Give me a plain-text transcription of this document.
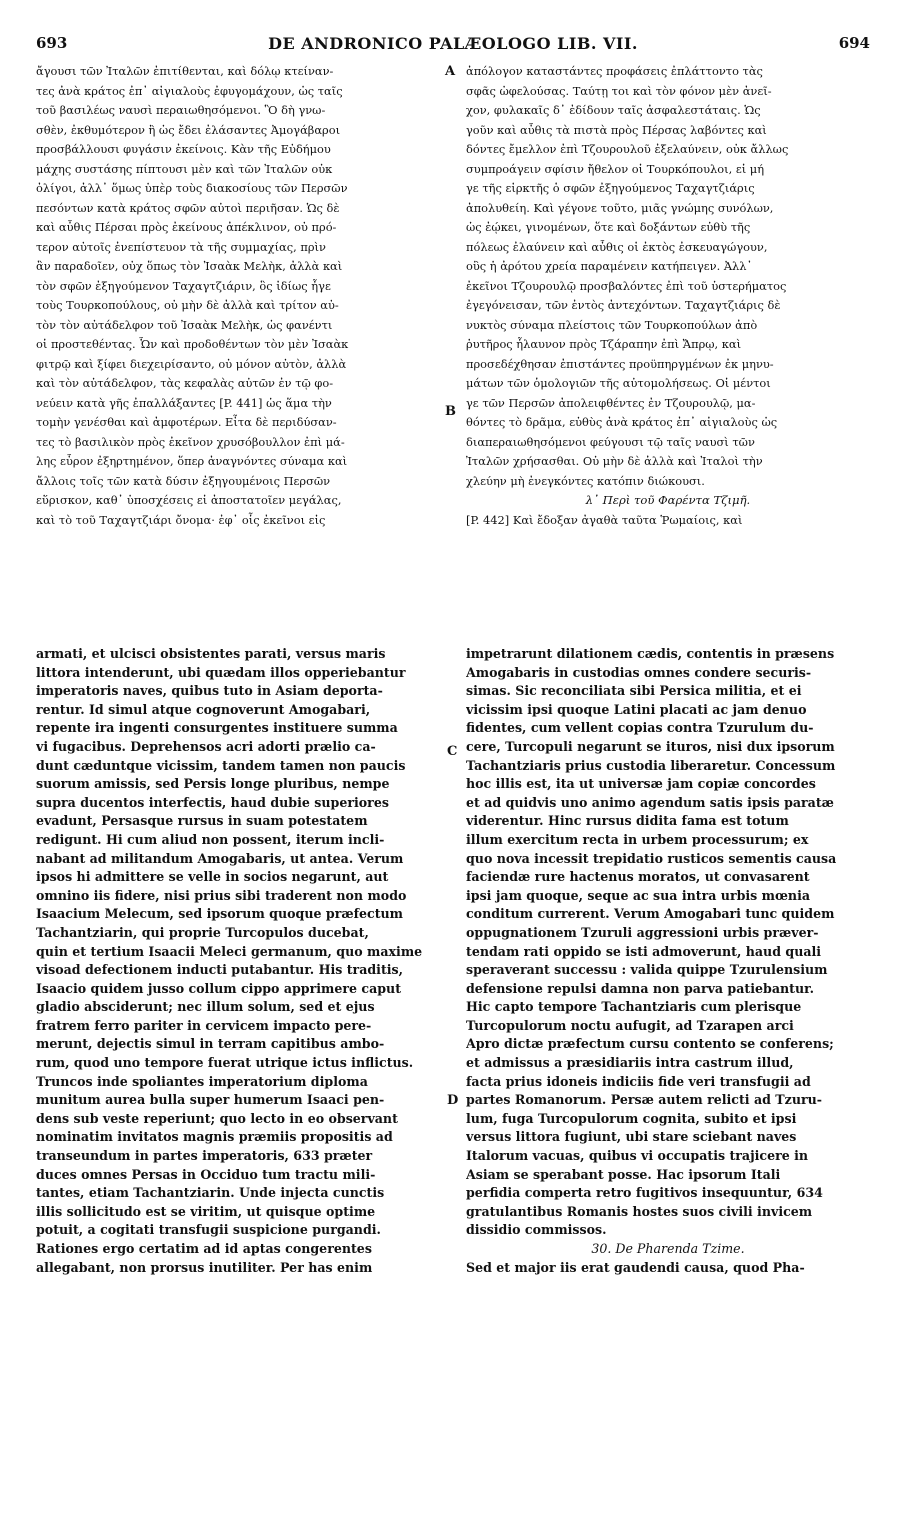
693	DE ANDRONICO PALÆOLOGO LIB. VII.	694
A
B
C
D
ἄγουσι τῶν Ἰταλῶν ἐπιτίθενται, καὶ δόλῳ κτείναν-
τες ἀνὰ κράτος ἐπ᾽ αἰγιαλοὺς ἐφυγομάχουν, ὡς ταῖς
τοῦ βασιλέως ναυσὶ περαιωθησόμενοι. Ὃ δὴ γνω-
σθὲν, ἐκθυμότερον ἢ ὡς ἔδει ἐλάσαντες Ἀμογάβαροι
προσβάλλουσι φυγάσιν ἐκείνοις. Κὰν τῆς Εὐδήμου
μάχης συστάσης πίπτουσι μὲν καὶ τῶν Ἰταλῶν οὐκ
ὀλίγοι, ἀλλ᾽ ὅμως ὑπὲρ τοὺς διακοσίους τῶν Περσῶν
πεσόντων κατὰ κράτος σφῶν αὐτοὶ περιῆσαν. Ὡς δὲ
καὶ αὖθις Πέρσαι πρὸς ἐκείνους ἀπέκλινον, οὐ πρό-
τερον αὐτοῖς ἐνεπίστευον τὰ τῆς συμμαχίας, πρὶν
ἂν παραδοῖεν, οὐχ ὅπως τὸν Ἰσαὰκ Μελὴκ, ἀλλὰ καὶ
τὸν σφῶν ἐξηγούμενον Ταχαγτζιάριν, ὃς ἰδίως ἦγε
τοὺς Τουρκοπούλους, οὐ μὴν δὲ ἀλλὰ καὶ τρίτον αὐ-
τὸν τὸν αὐτάδελφον τοῦ Ἰσαὰκ Μελὴκ, ὡς φανέντι
οἱ προστεθέντας. Ὧν καὶ προδοθέντων τὸν μὲν Ἰσαὰκ
φιτρῷ καὶ ξίφει διεχειρίσαντο, οὐ μόνον αὐτὸν, ἀλλὰ
καὶ τὸν αὐτάδελφον, τὰς κεφαλὰς αὐτῶν ἐν τῷ φο-
νεύειν κατὰ γῆς ἐπαλλάξαντες [P. 441] ὡς ἅμα τὴν
τομὴν γενέσθαι καὶ ἀμφοτέρων. Εἶτα δὲ περιδύσαν-
τες τὸ βασιλικὸν πρὸς ἐκεῖνον χρυσόβουλλον ἐπὶ μά-
λης εὗρον ἐξηρτημένον, ὅπερ ἀναγνόντες σύναμα καὶ
ἄλλοις τοῖς τῶν κατὰ δύσιν ἐξηγουμένοις Περσῶν
εὕρισκον, καθ᾽ ὑποσχέσεις εἰ ἀποστατοῖεν μεγάλας,
καὶ τὸ τοῦ Ταχαγτζιάρι ὄνομα· ἐφ᾽ οἷς ἐκεῖνοι εἰς
ἀπόλογον καταστάντες προφάσεις ἐπλάττοντο τὰς
σφᾶς ὠφελούσας. Ταύτῃ τοι καὶ τὸν φόνον μὲν ἀνεῖ-
χον, φυλακαῖς δ᾽ ἐδίδουν ταῖς ἀσφαλεστάταις. Ὡς
γοῦν καὶ αὖθις τὰ πιστὰ πρὸς Πέρσας λαβόντες καὶ
δόντες ἔμελλον ἐπὶ Τζουρουλοῦ ἐξελαύνειν, οὐκ ἄλλως
συμπροάγειν σφίσιν ἤθελον οἱ Τουρκόπουλοι, εἰ μή
γε τῆς εἱρκτῆς ὁ σφῶν ἐξηγούμενος Ταχαγτζιάρις
ἀπολυθείη. Καὶ γέγονε τοῦτο, μιᾶς γνώμης συνόλων,
ὡς ἐῴκει, γινομένων, ὅτε καὶ δοξάντων εὐθὺ τῆς
πόλεως ἐλαύνειν καὶ αὖθις οἱ ἐκτὸς ἐσκευαγώγουν,
οὓς ἡ ἀρότου χρεία παραμένειν κατήπειγεν. Ἀλλ᾽
ἐκεῖνοι Τζουρουλῷ προσβαλόντες ἐπὶ τοῦ ὑστερήματος
ἐγεγόνεισαν, τῶν ἐντὸς ἀντεχόντων. Ταχαγτζιάρις δὲ
νυκτὸς σύναμα πλείστοις τῶν Τουρκοπούλων ἀπὸ
ῥυτῆρος ἧλαυνον πρὸς Τζάραπην ἐπὶ Ἄπρῳ, καὶ
προσεδέχθησαν ἐπιστάντες προϋπηργμένων ἐκ μηνυ-
μάτων τῶν ὁμολογιῶν τῆς αὐτομολήσεως. Οἱ μέντοι
γε τῶν Περσῶν ἀπολειφθέντες ἐν Τζουρουλῷ, μα-
θόντες τὸ δρᾶμα, εὐθὺς ἀνὰ κράτος ἐπ᾽ αἰγιαλοὺς ὡς
διαπεραιωθησόμενοι φεύγουσι τῷ ταῖς ναυσὶ τῶν
Ἰταλῶν χρήσασθαι. Οὐ μὴν δὲ ἀλλὰ καὶ Ἰταλοὶ τὴν
χλεύην μὴ ἐνεγκόντες κατόπιν διώκουσι.
λ᾽ Περὶ τοῦ Φαρέντα Τζιμῆ.
[P. 442] Καὶ ἔδοξαν ἀγαθὰ ταῦτα Ῥωμαίοις, καὶ
armati, et ulcisci obsistentes parati, versus maris
littora intenderunt, ubi quædam illos opperiebantur
imperatoris naves, quibus tuto in Asiam deporta-
rentur. Id simul atque cognoverunt Amogabari,
repente ira ingenti consurgentes instituere summa
vi fugacibus. Deprehensos acri adorti prælio ca-
dunt cæduntque vicissim, tandem tamen non paucis
suorum amissis, sed Persis longe pluribus, nempe
supra ducentos interfectis, haud dubie superiores
evadunt, Persasque rursus in suam potestatem
redigunt. Hi cum aliud non possent, iterum incli-
nabant ad militandum Amogabaris, ut antea. Verum
ipsos hi admittere se velle in socios negarunt, aut
omnino iis fidere, nisi prius sibi traderent non modo
Isaacium Melecum, sed ipsorum quoque præfectum
Tachantziarin, qui proprie Turcopulos ducebat,
quin et tertium Isaacii Meleci germanum, quo maxime
visoad defectionem inducti putabantur. His traditis,
Isaacio quidem jusso collum cippo apprimere caput
gladio absciderunt; nec illum solum, sed et ejus
fratrem ferro pariter in cervicem impacto pere-
merunt, dejectis simul in terram capitibus ambo-
rum, quod uno tempore fuerat utrique ictus inflictus.
Truncos inde spoliantes imperatorium diploma
munitum aurea bulla super humerum Isaaci pen-
dens sub veste reperiunt; quo lecto in eo observant
nominatim invitatos magnis præmiis propositis ad
transeundum in partes imperatoris, 633 præter
duces omnes Persas in Occiduo tum tractu mili-
tantes, etiam Tachantziarin. Unde injecta cunctis
illis sollicitudo est se viritim, ut quisque optime
potuit, a cogitati transfugii suspicione purgandi.
Rationes ergo certatim ad id aptas congerentes
allegabant, non prorsus inutiliter. Per has enim
impetrarunt dilationem cædis, contentis in præsens
Amogabaris in custodias omnes condere securis-
simas. Sic reconciliata sibi Persica militia, et ei
vicissim ipsi quoque Latini placati ac jam denuo
fidentes, cum vellent copias contra Tzurulum du-
cere, Turcopuli negarunt se ituros, nisi dux ipsorum
Tachantziaris prius custodia liberaretur. Concessum
hoc illis est, ita ut universæ jam copiæ concordes
et ad quidvis uno animo agendum satis ipsis paratæ
viderentur. Hinc rursus didita fama est totum
illum exercitum recta in urbem processurum; ex
quo nova incessit trepidatio rusticos sementis causa
faciendæ rure hactenus moratos, ut convasarent
ipsi jam quoque, seque ac sua intra urbis mœnia
conditum currerent. Verum Amogabari tunc quidem
oppugnationem Tzuruli aggressioni urbis præver-
tendam rati oppido se isti admoverunt, haud quali
speraverant successu : valida quippe Tzurulensium
defensione repulsi damna non parva patiebantur.
Hic capto tempore Tachantziaris cum plerisque
Turcopulorum noctu aufugit, ad Tzarapen arci
Apro dictæ præfectum cursu contento se conferens;
et admissus a præsidiariis intra castrum illud,
facta prius idoneis indiciis fide veri transfugii ad
partes Romanorum. Persæ autem relicti ad Tzuru-
lum, fuga Turcopulorum cognita, subito et ipsi
versus littora fugiunt, ubi stare sciebant naves
Italorum vacuas, quibus vi occupatis trajicere in
Asiam se sperabant posse. Hac ipsorum Itali
perfidia comperta retro fugitivos insequuntur, 634
gratulantibus Romanis hostes suos civili invicem
dissidio commissos.
30. De Pharenda Tzime.
Sed et major iis erat gaudendi causa, quod Pha-
